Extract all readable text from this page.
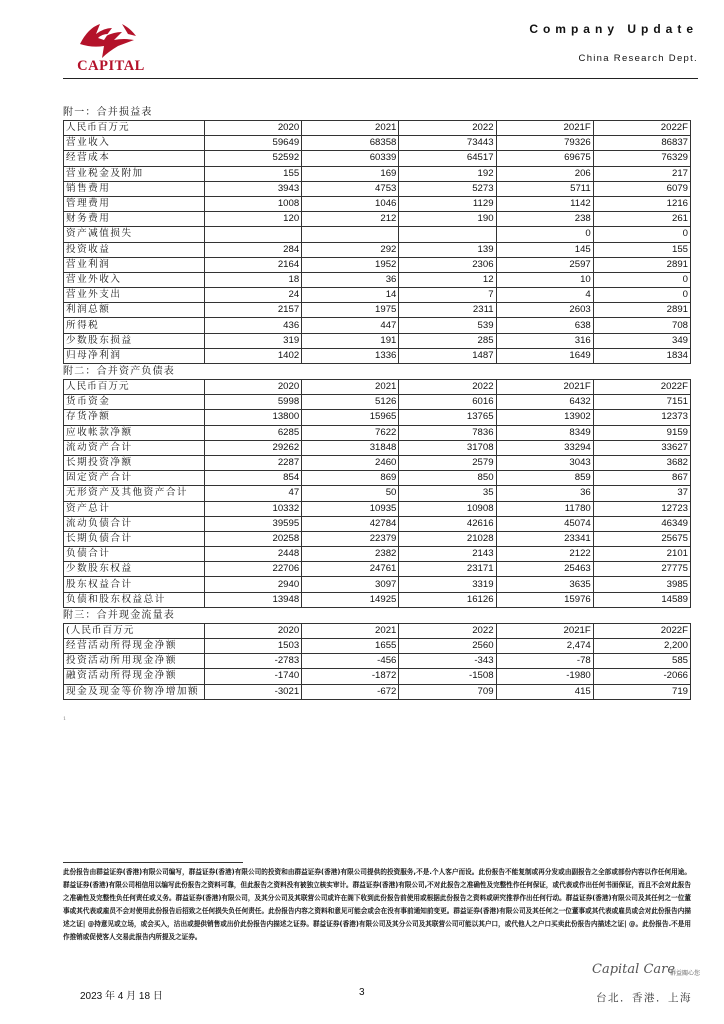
CAPITAL
Company Update
China Research Dept.
附一：合并损益表
人民币百万元	2020	2021	2022	2021F	2022F
营业收入	59649	68358	73443	79326	86837
经营成本	52592	60339	64517	69675	76329
营业税金及附加	155	169	192	206	217
销售费用	3943	4753	5273	5711	6079
管理费用	1008	1046	1129	1142	1216
财务费用	120	212	190	238	261
资产减值损失				0	0
投资收益	284	292	139	145	155
营业利润	2164	1952	2306	2597	2891
营业外收入	18	36	12	10	0
营业外支出	24	14	7	4	0
利润总额	2157	1975	2311	2603	2891
所得税	436	447	539	638	708
少数股东损益	319	191	285	316	349
归母净利润	1402	1336	1487	1649	1834
附二：合并资产负债表
人民币百万元	2020	2021	2022	2021F	2022F
货币资金	5998	5126	6016	6432	7151
存货净额	13800	15965	13765	13902	12373
应收帐款净额	6285	7622	7836	8349	9159
流动资产合计	29262	31848	31708	33294	33627
长期投资净额	2287	2460	2579	3043	3682
固定资产合计	854	869	850	859	867
无形资产及其他资产合计	47	50	35	36	37
资产总计	10332	10935	10908	11780	12723
流动负债合计	39595	42784	42616	45074	46349
长期负债合计	20258	22379	21028	23341	25675
负债合计	2448	2382	2143	2122	2101
少数股东权益	22706	24761	23171	25463	27775
股东权益合计	2940	3097	3319	3635	3985
负债和股东权益总计	13948	14925	16126	15976	14589
附三：合并现金流量表
(人民币百万元	2020	2021	2022	2021F	2022F
经营活动所得现金净额	1503	1655	2560	2,474	2,200
投资活动所用现金净额	-2783	-456	-343	-78	585
融资活动所得现金净额	-1740	-1872	-1508	-1980	-2066
现金及现金等价物净增加额	-3021	-672	709	415	719
1
此份报告由群益证券(香港)有限公司编写，群益证券(香港)有限公司的投资和由群益证券(香港)有限公司提供的投资服务,不是.个人客户而设。此份报告不能复制或再分发或由副报告之全部或部份内容以作任何用途。群益证券(香港)有限公司相信用以编写此份报告之资料可靠，但此报告之资料没有被独立核实审计。群益证券(香港)有限公司,不对此报告之准确性及完整性作任何保证，或代表或作出任何书面保证，而且不会对此报告之准确性及完整性负任何责任或义务。群益证券(香港)有限公司，及其分公司及其联营公司或许在阁下收到此份报告前使用或根据此份报告之资料或研究推荐作出任何行动。群益证券(香港)有限公司及其任何之一位董事或其代表或雇员不会对使用此份报告后招致之任何损失负任何责任。此份报告内容之资料和意见可能会或会在没有事前通知前变更。群益证券(香港)有限公司及其任何之一位董事或其代表或雇员或会对此份报告内描述之证| @持意见或立场，或会买入，沽出或提供销售或出价此份报告内描述之证券。群益证券(香港)有限公司及其分公司及其联营公司可能以其户口，或代他人之户口买卖此份报告内描述之证| @。此份报告.不是用作推销或促使客人交易此报告内所提及之证券。
Capital Care
群益關心您
台北．香港．上海
2023 年 4 月 18 日	3
